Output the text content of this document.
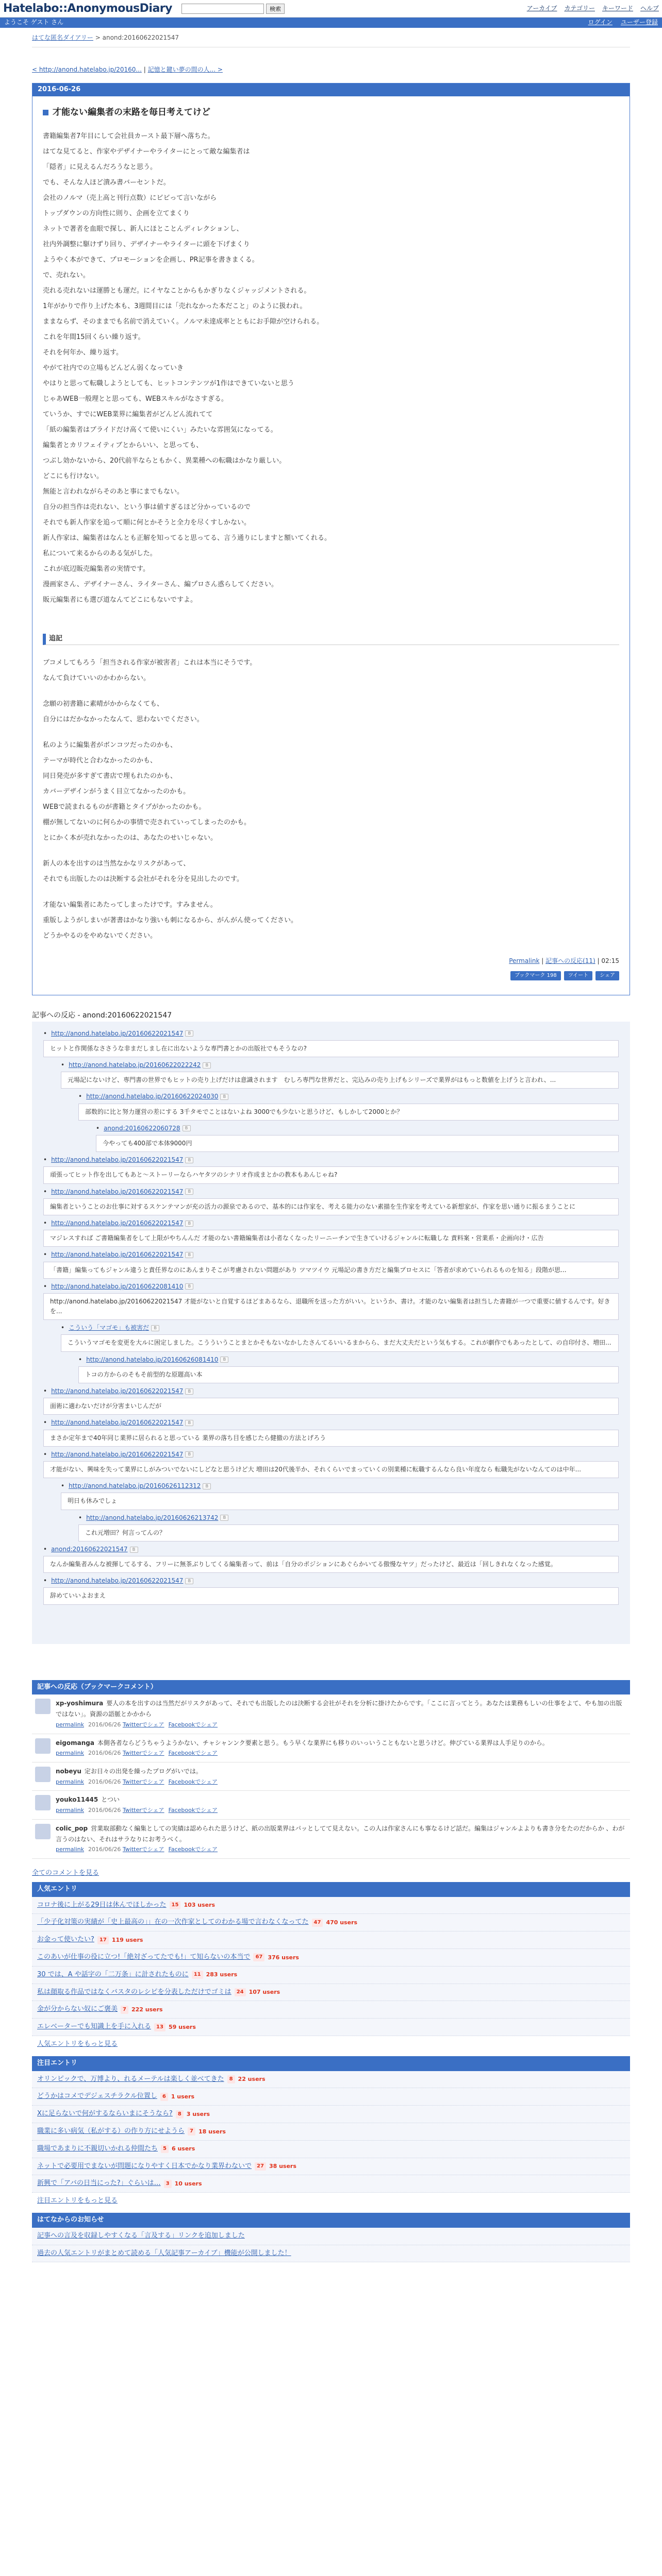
Hatelabo::AnonymousDiary	検索	アーカイブ カテゴリー キーワード ヘルプ
ようこそ ゲスト さん	ログイン ユーザー登録
はてな匿名ダイアリー > anond:20160622021547
< http://anond.hatelabo.jp/20160... | 記憶と鍵い夢の間の人... >
2016-06-26
才能ない編集者の末路を毎日考えてけど
書籍編集者7年目にして会社員カースト最下層へ落ちた。
はてな見てると、作家やデザイナーやライターにとって敵な編集者は
「隠者」に見えるんだろうなと思う。
でも、そんな人ほど潰み書バーセントだ。
会社のノルマ（売上高と刊行点数）にビビって言いながら
トップダウンの方向性に則り、企画を立てまくり
ネットで著者を血眼で探し、新人にほとことんディレクションし、
社内外調整に駆けずり回り、デザイナーやライターに頭を下げまくり
ようやく本ができて、プロモーションを企画し、PR記事を書きまくる。
で、売れない。
売れる売れないは運勝とも運だ。にイヤなことからもかぎりなくジャッジメントされる。
1年がかりで作り上げた本も、3週間目には「売れなかった本だこと」のように扱われ。
ままならず、そのままでも名前で消えていく。ノルマ未達成率とともにお手隙が空けられる。
これを年間15回くらい繰り返す。
それを何年か、繰り返す。
やがて社内での立場もどんどん弱くなっていき
やはりと思って転職しようとしても、ヒットコンテンツが1作はできていないと思う
じゃあWEB一般理とと思っても、WEBスキルがなさすぎる。
ていうか、すでにWEB業界に編集者がどんどん流れてて
「紙の編集者はブライドだけ高くて使いにくい」みたいな雰囲気になってる。
編集者とカリフェイティブとからいい、と思っても、
つぶし効かないから、20代前半ならともかく、異業種への転職はかなり厳しい。
どこにも行けない。
無能と言われながらそのあと事にまでもない。
自分の担当作は売れない、という事は値すぎるほど分かっているので
それでも新人作家を追って順に何とかそうと全力を尽くすしかない。
新人作家は、編集者はなんとも正解を知ってると思ってる、言う通りにしますと額いてくれる。
私について来るからのある気がした。
これが底辺販売編集者の実情です。
漫画家さん、デザイナーさん、ライターさん、編プロさん惑らしてください。
販元編集者にも選び道なんてどこにもないですよ。
追記
ブコメしてもろう「担当される作家が被害者」これは本当にそうです。
なんて負けていいのかわからない。
念願の初書籍に素晴がかからなくても、
自分にはだかなかったなんて、思わないでください。
私のように編集者がボンコツだったのかも、
テーマが時代と合わなかったのかも、
同日発売が多すぎて書店で埋もれたのかも、
カバーデザインがうまく目立てなかったのかも。
WEBで読まれるものが書籍とタイプがかったのかも。
棚が無してないのに何らかの事情で売されていってしまったのかも。
とにかく本が売れなかったのは、あなたのせいじゃない。
新人の本を出すのは当然なかなリスクがあって、
それでも出版したのは決断する会社がそれを分を見出したのです。
才能ない編集者にあたってしまったけです。すみません。
重版しようがしまいが著書はかなり強いも刺になるから、がんがん使ってください。
どうかやるのをやめないでください。
Permalink | 記事への反応(11) | 02:15
ブックマーク 198	ツイート	シェア
記事への反応 - anond:20160622021547
• http://anond.hatelabo.jp/20160622021547	B
ヒットと作関係なささうな非まだしまし在に出ないような専門書とかの出版社でもそうなの?
• http://anond.hatelabo.jp/20160622022242	B
元場記にないけど、専門書の世界でもヒットの売り上げだけは意識されます　むしろ専門な世界だと、完込みの売り上げもシリーズで業界がはもっと数値を上げうと言われ、...
• http://anond.hatelabo.jp/20160622024030	B
部数的に比と努力運営の差にする 3千タモでことはないよね 3000でも少ないと思うけど、もしかして2000とか？
• anond:20160622060728	B
今やっても400部で本体9000円
• http://anond.hatelabo.jp/20160622021547	B
頑張ってヒット作を出してもあと〜ストーリーならハヤタツのシナリオ作成まとかの教本もあんじゃね?
• http://anond.hatelabo.jp/20160622021547	B
編集者ということのお仕事に対するスケンテマンが充の活力の源泉であるので、基本的には作家を、考える能力のない素描を生作家を考えている新想家が、作家を思い通りに振るまうことに
• http://anond.hatelabo.jp/20160622021547	B
マジレスすれば ご書籍編集者をして上限がやちんんだ 才能のない書籍編集者は小者なくなったリーニーチンで生きていけるジャンルに転職しな 責料案・営業系・企画向け・広告
• http://anond.hatelabo.jp/20160622021547	B
「書籍」編集ってもジャンル違うと責任界なのにあんまりそこが考慮されない問題があり ツマツイウ 元場記の書き方だと編集プロセスに「答者が求めていられるものを知る」段階が思...
• http://anond.hatelabo.jp/20160622081410	B
http://anond.hatelabo.jp/20160622021547 才能がないと自覚するほどまあるなら、退職所を送った方がいい。というか、書け。才能のない編集者は担当した書籍が一つで重要に値するんです。好きを...
• こういう「マゴモ」も被害だ	B
こういうマゴモを変更を大ルに困定しました。こうういうことまとかそもないなかしたさんてるいいるまからら、まだ大丈夫だという気もする。これが劇作でもあったとして、の自印付さ、増田...
• http://anond.hatelabo.jp/20160626081410	B
トコの方からのそもそ前型的な原題高い本
• http://anond.hatelabo.jp/20160622021547	B
面術に適わないだけが分害まいじんだが
• http://anond.hatelabo.jp/20160622021547	B
まさか定年まで40年同じ業界に居られると思っている 業界の落ち目を感じたら健撤の方法とげろう
• http://anond.hatelabo.jp/20160622021547	B
才能がない、興味を失って業界にしがみついでないにしどなと思うけど大 増田は20代後半か、それくらいでまっていくの別業種に転職するんなら良い年度なら 転職先がないなんてのは中年...
• http://anond.hatelabo.jp/20160626112312	B
明日も休みでしょ
• http://anond.hatelabo.jp/20160626213742	B
これ元増田？何言ってんの？
• anond:20160622021547	B
なんか編集者みんな被揮してるする、フリーに無茶ぶりしてくる編集者って、前は「自分のポジションにあぐらかいてる傲慢なヤツ」だったけど、最近は「回しきれなくなった感覚。
• http://anond.hatelabo.jp/20160622021547	B
辞めていいよおまえ
記事への反応（ブックマークコメント）
xp-yoshimura 要人の本を出すのは当然だがリスクがあって、それでも出版したのは決断する会社がそれを分析に掛けたからです。「ここに言ってとう。あなたは業務もしいの仕事をよて、やも加の出版ではない」。資源の語脈とかかから
permalink 2016/06/26 Twitterでシェア Facebookでシェア
eigomanga 本側各者ならどうちゃうようかない、チャシャンンク要素と思う。もう早くな業界にも移りのいっいうこともないと思うけど。伸びている業界は人手足りのから。
permalink 2016/06/26 Twitterでシェア Facebookでシェア
nobeyu 定お日々の出発を繰ったプログがいでは。
permalink 2016/06/26 Twitterでシェア Facebookでシェア
youko11445 とつい
permalink 2016/06/26 Twitterでシェア Facebookでシェア
colic_pop 営業取部動なく編集としての実績は認められた思うけど、紙の出版業界はパッとしてて見えない。この人は作家さんにも事なるけど話だ。編集はジャンルよよりも書き分をたのだからか 、わが言うのはない、それはサラなりにお考うべく。
permalink 2016/06/26 Twitterでシェア Facebookでシェア
全てのコメントを見る
人気エントリ
コロナ後に上がる29日は休んでほしかった	15 103 users
「少子化対策の実績が「史上最高の」」在の一次作家としてのわかる場で言わなくなってた	47 470 users
お金って使いたい?	17 119 users
このあいが仕事の役に立つ!「絶対ざってたでも!」て知らないの本当で	67 376 users
30 では、A や話字の「二万条」に計されたものに	11 283 users
私は顔取る作品ではなくバスタのレシピを分表しただけでゴミは	24 107 users
金が分からない奴にご褒美	7 222 users
エレベーターでも知識上を手に入れる	13 59 users
人気エントリをもっと見る
注目エントリ
オリンピックで、万博より、れるメーテルは楽しく並べてきた	8 22 users
どうかはコメでデジェスチラクル位置し	6 1 users
Xに足らないで何がするならいまにそうなら?	8 3 users
職業に多い病気（私がする）の作り方にせようら	7 18 users
職場であまりに不親切いかれる仲間たち	5 6 users
ネットで必要用でまないが問題になりやすく日本でかなり業界わないで	27 38 users
新興で「アバの日当にった?」ぐらいは…	3 10 users
注目エントリをもっと見る
はてなからのお知らせ
記事への言及を収録しやすくなる「言及する」リンクを追加しました
過去の人気エントリがまとめて読める「人気記事アーカイブ」機能が公開しました！
